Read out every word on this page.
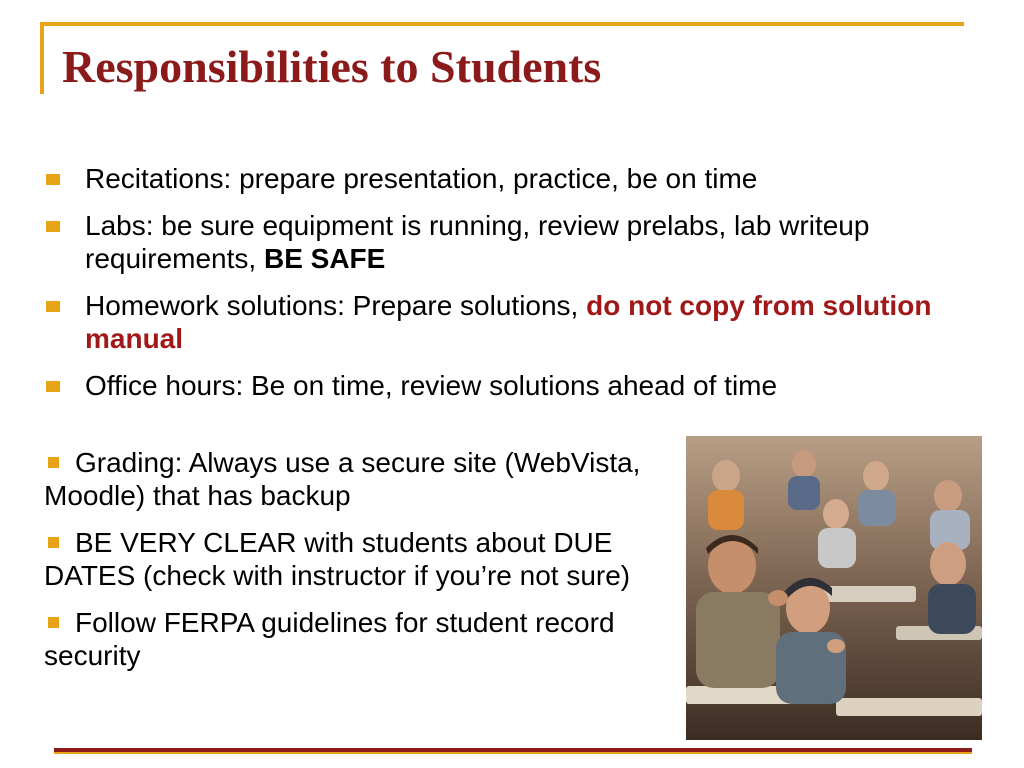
Responsibilities to Students
Recitations: prepare presentation, practice, be on time
Labs: be sure equipment is running, review prelabs, lab writeup requirements, BE SAFE
Homework solutions: Prepare solutions, do not copy from solution manual
Office hours: Be on time, review solutions ahead of time
Grading: Always use a secure site (WebVista, Moodle) that has backup
BE VERY CLEAR with students about DUE DATES (check with instructor if you’re not sure)
Follow FERPA guidelines for student record security
